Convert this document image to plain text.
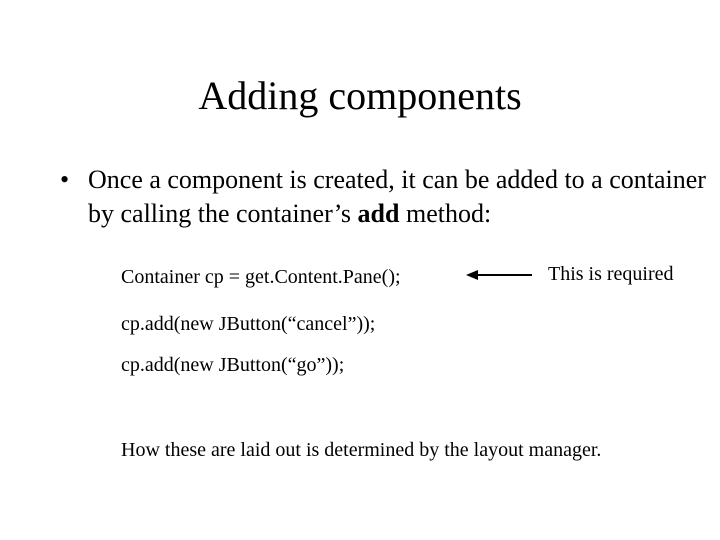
Adding components
• Once a component is created, it can be added to a container by calling the container’s add method:
Container cp = get.Content.Pane();	This is required
cp.add(new JButton(“cancel”));
cp.add(new JButton(“go”));
How these are laid out is determined by the layout manager.
